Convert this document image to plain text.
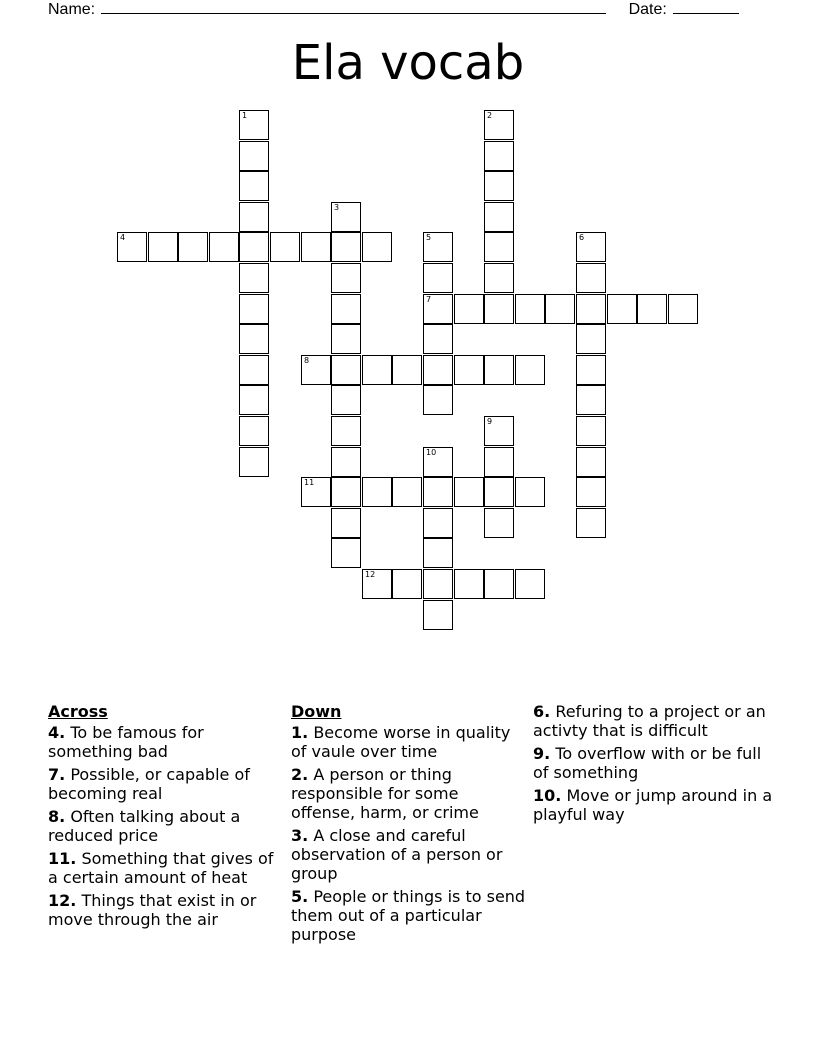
Name:	Date:
Ela vocab
4
7
8
11
12
1	2
3
5	6
9
10
Across
4. To be famous for something bad
7. Possible, or capable of becoming real
8. Often talking about a reduced price
11. Something that gives of a certain amount of heat
12. Things that exist in or move through the air
Down
1. Become worse in quality of vaule over time
2. A person or thing responsible for some offense, harm, or crime
3. A close and careful observation of a person or group
5. People or things is to send them out of a particular purpose
6. Refuring to a project or an activty that is difficult
9. To overflow with or be full of something
10. Move or jump around in a playful way
